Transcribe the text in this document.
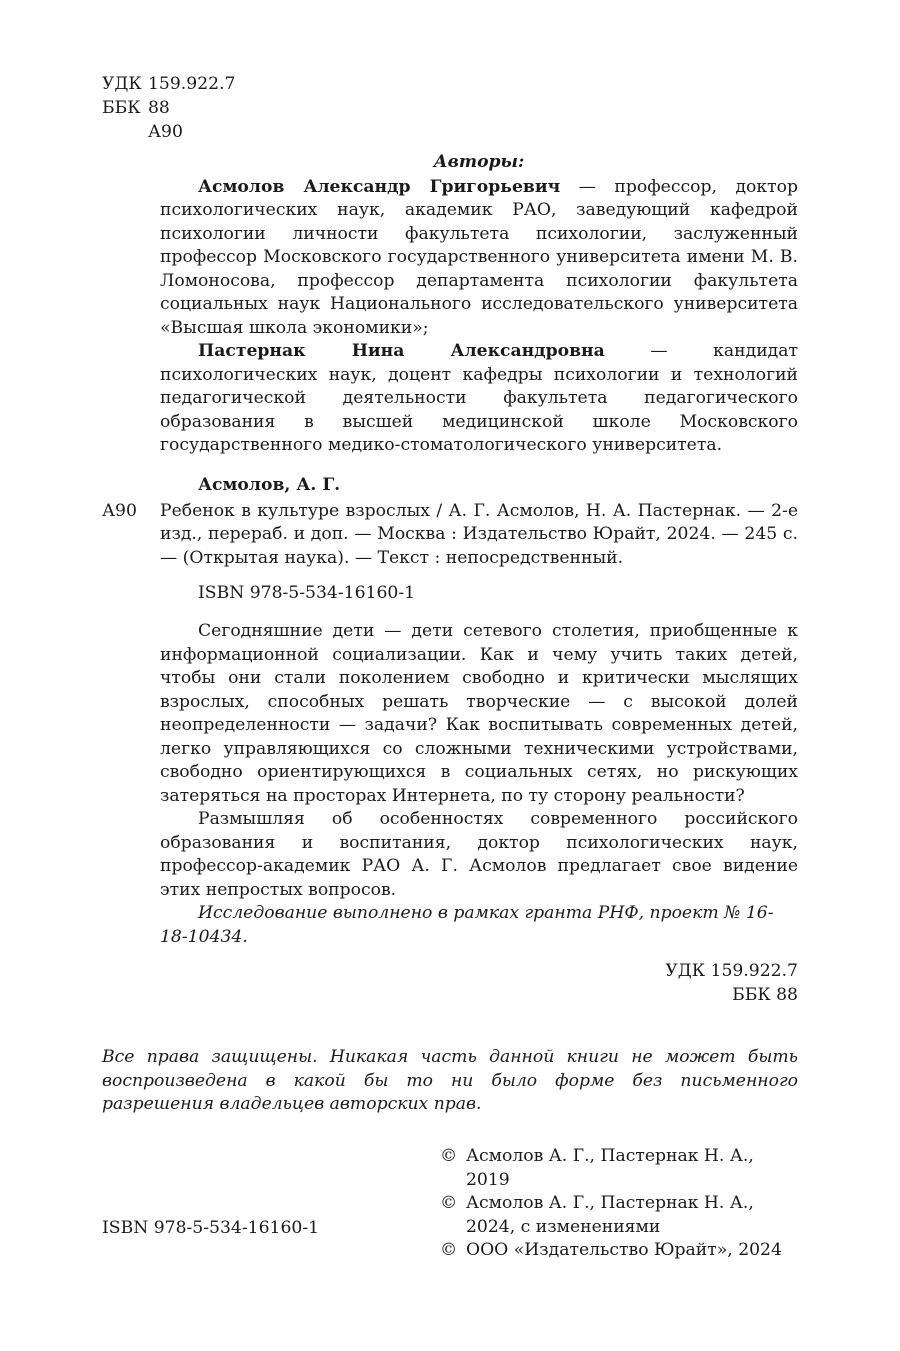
УДК 159.922.7
ББК 88
А90
Авторы:

Асмолов Александр Григорьевич — профессор, доктор психологических наук, академик РАО, заведующий кафедрой психологии личности факультета психологии, заслуженный профессор Московского государственного университета имени М. В. Ломоносова, профессор департамента психологии факультета социальных наук Национального исследовательского университета «Высшая школа экономики»;

Пастернак Нина Александровна — кандидат психологических наук, доцент кафедры психологии и технологий педагогической деятельности факультета педагогического образования в высшей медицинской школе Московского государственного медико-стоматологического университета.

А90
Асмолов, А. Г.
Ребенок в культуре взрослых / А. Г. Асмолов, Н. А. Пастернак. — 2-е изд., перераб. и доп. — Москва : Издательство Юрайт, 2024. — 245 с. — (Открытая наука). — Текст : непосредственный.
ISBN 978-5-534-16160-1

Сегодняшние дети — дети сетевого столетия, приобщенные к информационной социализации. Как и чему учить таких детей, чтобы они стали поколением свободно и критически мыслящих взрослых, способных решать творческие — с высокой долей неопределенности — задачи? Как воспитывать современных детей, легко управляющихся со сложными техническими устройствами, свободно ориентирующихся в социальных сетях, но рискующих затеряться на просторах Интернета, по ту сторону реальности?

Размышляя об особенностях современного российского образования и воспитания, доктор психологических наук, профессор-академик РАО А. Г. Асмолов предлагает свое видение этих непростых вопросов.

Исследование выполнено в рамках гранта РНФ, проект № 16-18-10434.

УДК 159.922.7
ББК 88
Все права защищены. Никакая часть данной книги не может быть воспроизведена в какой бы то ни было форме без письменного разрешения владельцев авторских прав.
ISBN 978-5-534-16160-1
© Асмолов А. Г., Пастернак Н. А., 2019
© Асмолов А. Г., Пастернак Н. А., 2024, с изменениями
© ООО «Издательство Юрайт», 2024
